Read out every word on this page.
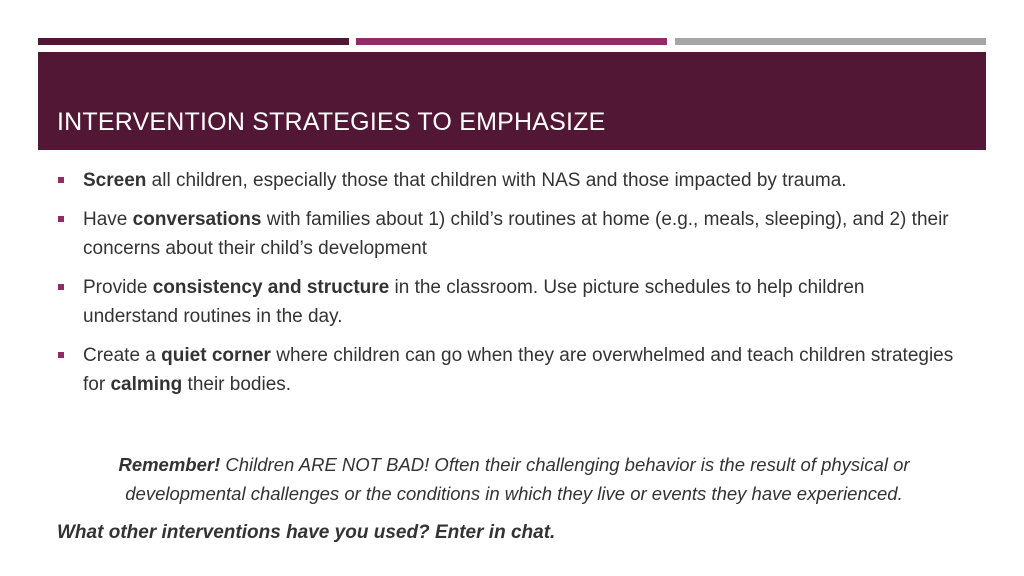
INTERVENTION STRATEGIES TO EMPHASIZE
Screen all children, especially those that children with NAS and those impacted by trauma.
Have conversations with families about 1) child’s routines at home (e.g., meals, sleeping), and 2) their concerns about their child’s development
Provide consistency and structure in the classroom. Use picture schedules to help children understand routines in the day.
Create a quiet corner where children can go when they are overwhelmed and teach children strategies for calming their bodies.
Remember! Children ARE NOT BAD! Often their challenging behavior is the result of physical or developmental challenges or the conditions in which they live or events they have experienced.
What other interventions have you used? Enter in chat.
